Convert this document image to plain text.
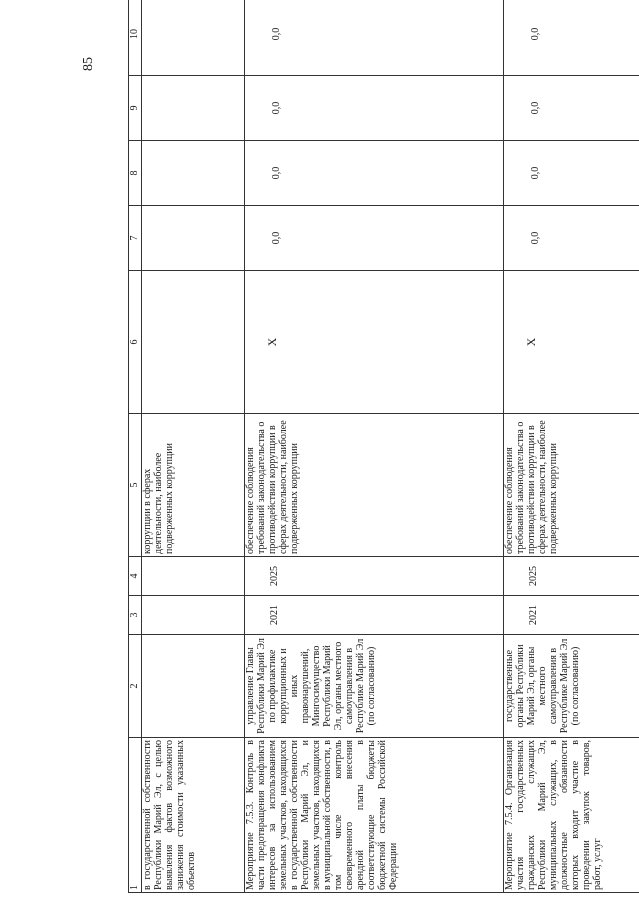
85
1	2	3	4	5	6	7	8	9	10
в государственной собственности Республики Марий Эл, с целью выявления фактов возможного занижения стоимости указанных объектов				коррупции в сферах деятельности, наиболее подверженных коррупции					
Мероприятие 7.5.3. Контроль в части предотвращения конфликта интересов за использованием земельных участков, находящихся в государственной собственности Республики Марий Эл, и земельных участков, находящихся в муниципальной собственности, в том числе контроль своевременного внесения арендной платы в соответствующие бюджеты бюджетной системы Российской Федерации	управление Главы Республики Марий Эл по профилактике коррупционных и иных правонарушений, Мингосимущество Республики Марий Эл, органы местного самоуправления в Республике Марий Эл (по согласованию)	2021	2025	обеспечение соблюдения требований законодательства о противодействии коррупции в сферах деятельности, наиболее подверженных коррупции	X	0,0	0,0	0,0	0,0
Мероприятие 7.5.4. Организация участия государственных гражданских служащих Республики Марий Эл, муниципальных служащих, в должностные обязанности которых входит участие в проведении закупок товаров, работ, услуг	государственные органы Республики Марий Эл, органы местного самоуправления в Республике Марий Эл (по согласованию)	2021	2025	обеспечение соблюдения требований законодательства о противодействии коррупции в сферах деятельности, наиболее подверженных коррупции	X	0,0	0,0	0,0	0,0
